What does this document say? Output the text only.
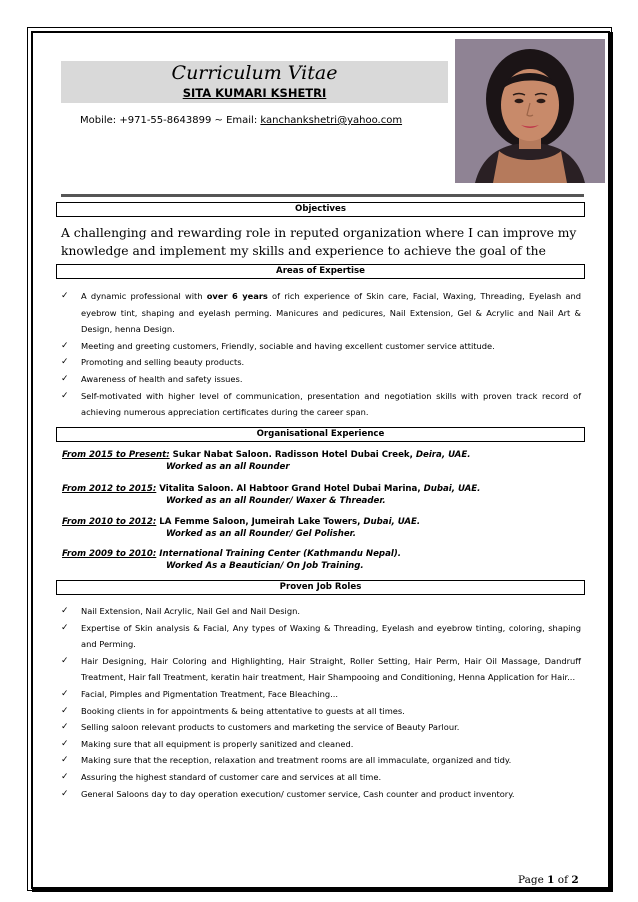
Curriculum Vitae
SITA KUMARI KSHETRI
Mobile: +971-55-8643899 ~ Email: kanchankshetri@yahoo.com
Objectives
A challenging and rewarding role in reputed organization where I can improve my knowledge and implement my skills and experience to achieve the goal of the
Areas of Expertise
✓ A dynamic professional with over 6 years of rich experience of Skin care, Facial, Waxing, Threading, Eyelash and eyebrow tint, shaping and eyelash perming. Manicures and pedicures, Nail Extension, Gel & Acrylic and Nail Art & Design, henna Design.
✓ Meeting and greeting customers, Friendly, sociable and having excellent customer service attitude.
✓ Promoting and selling beauty products.
✓ Awareness of health and safety issues.
✓ Self-motivated with higher level of communication, presentation and negotiation skills with proven track record of achieving numerous appreciation certificates during the career span.
Organisational Experience
From 2015 to Present: Sukar Nabat Saloon. Radisson Hotel Dubai Creek, Deira, UAE.
Worked as an all Rounder
From 2012 to 2015: Vitalita Saloon. Al Habtoor Grand Hotel Dubai Marina, Dubai, UAE.
Worked as an all Rounder/ Waxer & Threader.
From 2010 to 2012: LA Femme Saloon, Jumeirah Lake Towers, Dubai, UAE.
Worked as an all Rounder/ Gel Polisher.
From 2009 to 2010: International Training Center (Kathmandu Nepal).
Worked As a Beautician/ On Job Training.
Proven Job Roles
✓ Nail Extension, Nail Acrylic, Nail Gel and Nail Design.
✓ Expertise of Skin analysis & Facial, Any types of Waxing & Threading, Eyelash and eyebrow tinting, coloring, shaping and Perming.
✓ Hair Designing, Hair Coloring and Highlighting, Hair Straight, Roller Setting, Hair Perm, Hair Oil Massage, Dandruff Treatment, Hair fall Treatment, keratin hair treatment, Hair Shampooing and Conditioning, Henna Application for Hair...
✓ Facial, Pimples and Pigmentation Treatment, Face Bleaching...
✓ Booking clients in for appointments & being attentative to guests at all times.
✓ Selling saloon relevant products to customers and marketing the service of Beauty Parlour.
✓ Making sure that all equipment is properly sanitized and cleaned.
✓ Making sure that the reception, relaxation and treatment rooms are all immaculate, organized and tidy.
✓ Assuring the highest standard of customer care and services at all time.
✓ General Saloons day to day operation execution/ customer service, Cash counter and product inventory.
Page 1 of 2
